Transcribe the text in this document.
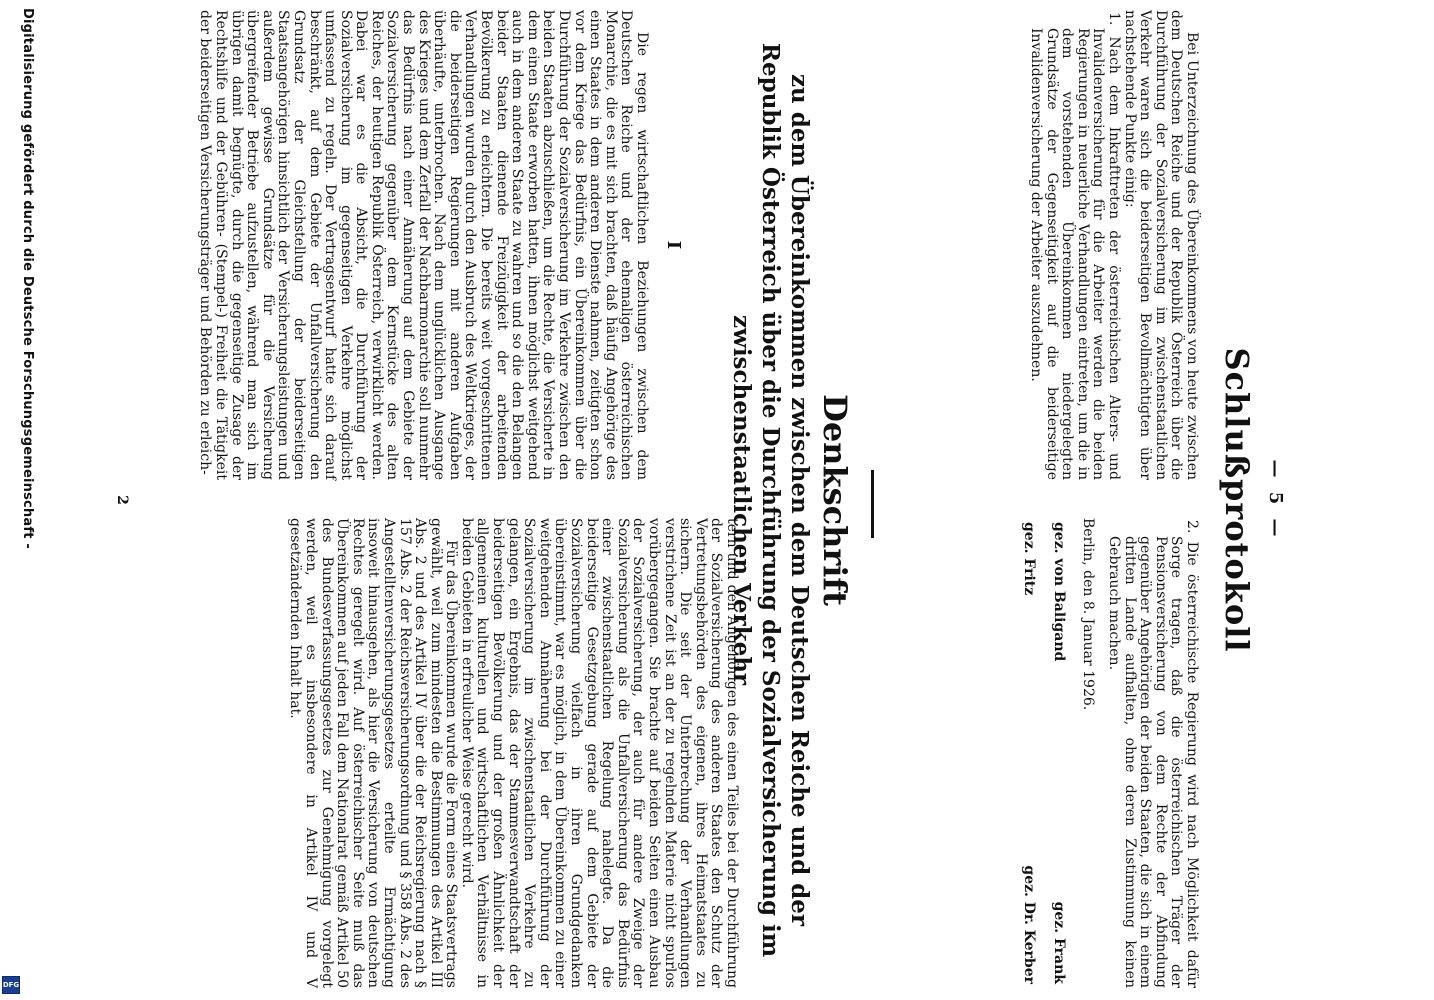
— 5 —
Schlußprotokoll

Bei Unterzeichnung des Übereinkommens von heute zwischen dem Deutschen Reiche und der Republik Österreich über die Durchführung der Sozialversicherung im zwischenstaatlichen Verkehr waren sich die beiderseitigen Bevollmächtigten über nachstehende Punkte einig:

1. Nach dem Inkrafttreten der österreichischen Alters- und Invalidenversicherung für die Arbeiter werden die beiden Regierungen in neuerliche Verhandlungen eintreten, um die in dem vorstehenden Übereinkommen niedergelegten Grundsätze der Gegenseitigkeit auf die beiderseitige Invalidenversicherung der Arbeiter auszudehnen.

2. Die österreichische Regierung wird nach Möglichkeit dafür Sorge tragen, daß die österreichischen Träger der Pensionsversicherung von dem Rechte der Abfindung gegenüber Angehörigen der beiden Staaten, die sich in einem dritten Lande aufhalten, ohne deren Zustimmung keinen Gebrauch machen.

Berlin, den 8. Januar 1926.

gez. von Baligand
gez. Frank
gez. Fritz
gez. Dr. Kerber
Denkschrift
zu dem Übereinkommen zwischen dem Deutschen Reiche und der Republik Österreich über die Durchführung der Sozialversicherung im zwischenstaatlichen Verkehr
I

Die regen wirtschaftlichen Beziehungen zwischen dem Deutschen Reiche und der ehemaligen österreichischen Monarchie, die es mit sich brachten, daß häufig Angehörige des einen Staates in dem anderen Dienste nahmen, zeitigten schon vor dem Kriege das Bedürfnis, ein Übereinkommen über die Durchführung der Sozialversicherung im Verkehre zwischen den beiden Staaten abzuschließen, um die Rechte, die Versicherte in dem einen Staate erworben hatten, ihnen möglichst weitgehend auch in dem anderen Staate zu wahren und so die den Belangen beider Staaten dienende Freizügigkeit der arbeitenden Bevölkerung zu erleichtern. Die bereits weit vorgeschrittenen Verhandlungen wurden durch den Ausbruch des Weltkrieges, der die beiderseitigen Regierungen mit anderen Aufgaben überhäufte, unterbrochen. Nach dem unglücklichen Ausgange des Krieges und dem Zerfall der Nachbarmonarchie soll nunmehr das Bedürfnis nach einer Annäherung auf dem Gebiete der Sozialversicherung gegenüber dem Kernstücke des alten Reiches, der heutigen Republik Österreich, verwirklicht werden. Dabei war es die Absicht, die Durchführung der Sozialversicherung im gegenseitigen Verkehre möglichst umfassend zu regeln. Der Vertragsentwurf hatte sich darauf beschränkt, auf dem Gebiete der Unfallversicherung den Grundsatz der Gleichstellung der beiderseitigen Staatsangehörigen hinsichtlich der Versicherungsleistungen und außerdem gewisse Grundsätze für die Versicherung übergreifender Betriebe aufzustellen, während man sich im übrigen damit begnügte, durch die gegenseitige Zusage der Rechtshilfe und der Gebühren- (Stempel-) Freiheit die Tätigkeit der beiderseitigen Versicherungsträger und Behörden zu erleich-

tern und den Angehörigen des einen Teiles bei der Durchführung der Sozialversicherung des anderen Staates den Schutz der Vertretungsbehörden des eigenen, ihres Heimatstaates zu sichern. Die seit der Unterbrechung der Verhandlungen verstrichene Zeit ist an der zu regelnden Materie nicht spurlos vorübergegangen. Sie brachte auf beiden Seiten einen Ausbau der Sozialversicherung, der auch für andere Zweige der Sozialversicherung als die Unfallversicherung das Bedürfnis einer zwischenstaatlichen Regelung nahelegte. Da die beiderseitige Gesetzgebung gerade auf dem Gebiete der Sozialversicherung vielfach in ihren Grundgedanken übereinstimmt, war es möglich, in dem Übereinkommen zu einer weitgehenden Annäherung bei der Durchführung der Sozialversicherung im zwischenstaatlichen Verkehre zu gelangen, ein Ergebnis, das der Stammesverwandtschaft der beiderseitigen Bevölkerung und der großen Ähnlichkeit der allgemeinen kulturellen und wirtschaftlichen Verhältnisse in beiden Gebieten in erfreulicher Weise gerecht wird.

Für das Übereinkommen wurde die Form eines Staatsvertrags gewählt, weil zum mindesten die Bestimmungen des Artikel III Abs. 2 und des Artikel IV über die der Reichsregierung nach § 157 Abs. 2 der Reichsversicherungsordnung und § 358 Abs. 2 des Angestelltenversicherungsgesetzes erteilte Ermächtigung insoweit hinausgehen, als hier die Versicherung von deutschen Rechtes geregelt wird. Auf österreichischer Seite muß das Übereinkommen auf jeden Fall dem Nationalrat gemäß Artikel 50 des Bundesverfassungsgesetzes zur Genehmigung vorgelegt werden, weil es insbesondere in Artikel IV und V gesetzändernden Inhalt hat.

2
Digitalisierung gefördert durch die Deutsche Forschungsgemeinschaft -
DFG
